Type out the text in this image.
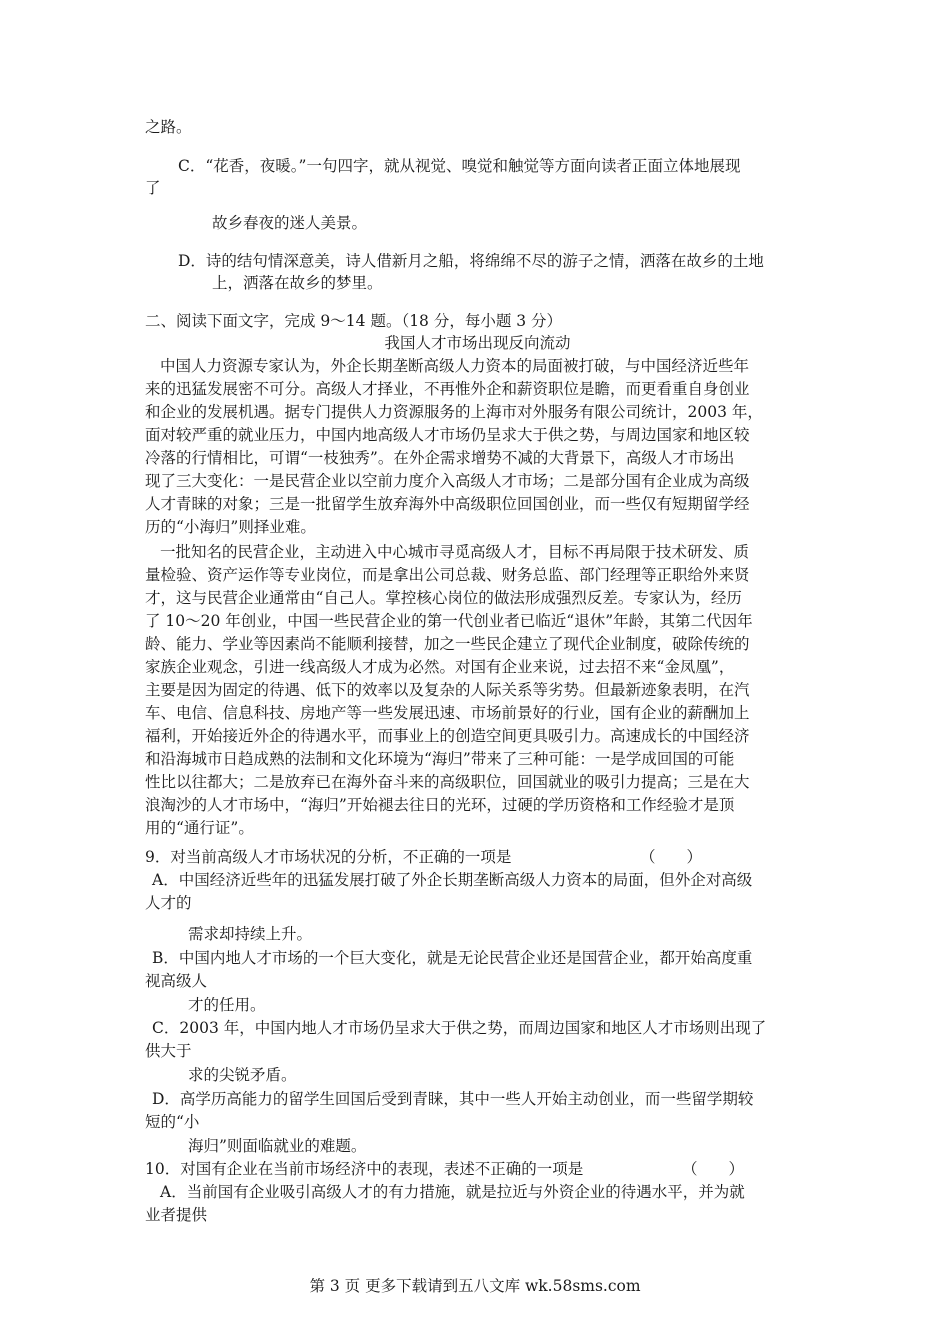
之路。
C．“花香，夜暖。”一句四字，就从视觉、嗅觉和触觉等方面向读者正面立体地展现
了
故乡春夜的迷人美景。
D．诗的结句情深意美，诗人借新月之船，将绵绵不尽的游子之情，洒落在故乡的土地
上，洒落在故乡的梦里。
二、阅读下面文字，完成 9～14 题。（18 分，每小题 3 分）
我国人才市场出现反向流动
中国人力资源专家认为，外企长期垄断高级人力资本的局面被打破，与中国经济近些年
来的迅猛发展密不可分。高级人才择业，不再惟外企和薪资职位是瞻，而更看重自身创业
和企业的发展机遇。据专门提供人力资源服务的上海市对外服务有限公司统计，2003 年，
面对较严重的就业压力，中国内地高级人才市场仍呈求大于供之势，与周边国家和地区较
冷落的行情相比，可谓“一枝独秀”。在外企需求增势不减的大背景下，高级人才市场出
现了三大变化：一是民营企业以空前力度介入高级人才市场；二是部分国有企业成为高级
人才青睐的对象；三是一批留学生放弃海外中高级职位回国创业，而一些仅有短期留学经
历的“小海归”则择业难。
一批知名的民营企业，主动进入中心城市寻觅高级人才，目标不再局限于技术研发、质
量检验、资产运作等专业岗位，而是拿出公司总裁、财务总监、部门经理等正职给外来贤
才，这与民营企业通常由“自己人。掌控核心岗位的做法形成强烈反差。专家认为，经历
了 10～20 年创业，中国一些民营企业的第一代创业者已临近“退休”年龄，其第二代因年
龄、能力、学业等因素尚不能顺利接替，加之一些民企建立了现代企业制度，破除传统的
家族企业观念，引进一线高级人才成为必然。对国有企业来说，过去招不来“金凤凰”，
主要是因为固定的待遇、低下的效率以及复杂的人际关系等劣势。但最新迹象表明，在汽
车、电信、信息科技、房地产等一些发展迅速、市场前景好的行业，国有企业的薪酬加上
福利，开始接近外企的待遇水平，而事业上的创造空间更具吸引力。高速成长的中国经济
和沿海城市日趋成熟的法制和文化环境为“海归”带来了三种可能：一是学成回国的可能
性比以往都大；二是放弃已在海外奋斗来的高级职位，回国就业的吸引力提高；三是在大
浪淘沙的人才市场中，“海归”开始褪去往日的光环，过硬的学历资格和工作经验才是顶
用的“通行证”。
9．对当前高级人才市场状况的分析，不正确的一项是	（　　）
A．中国经济近些年的迅猛发展打破了外企长期垄断高级人力资本的局面，但外企对高级
人才的
需求却持续上升。
B．中国内地人才市场的一个巨大变化，就是无论民营企业还是国营企业，都开始高度重
视高级人
才的任用。
C．2003 年，中国内地人才市场仍呈求大于供之势，而周边国家和地区人才市场则出现了
供大于
求的尖锐矛盾。
D．高学历高能力的留学生回国后受到青睐，其中一些人开始主动创业，而一些留学期较
短的“小
海归”则面临就业的难题。
10．对国有企业在当前市场经济中的表现，表述不正确的一项是	（　　）
A．当前国有企业吸引高级人才的有力措施，就是拉近与外资企业的待遇水平，并为就
业者提供
第 3 页 更多下载请到五八文库 wk.58sms.com
